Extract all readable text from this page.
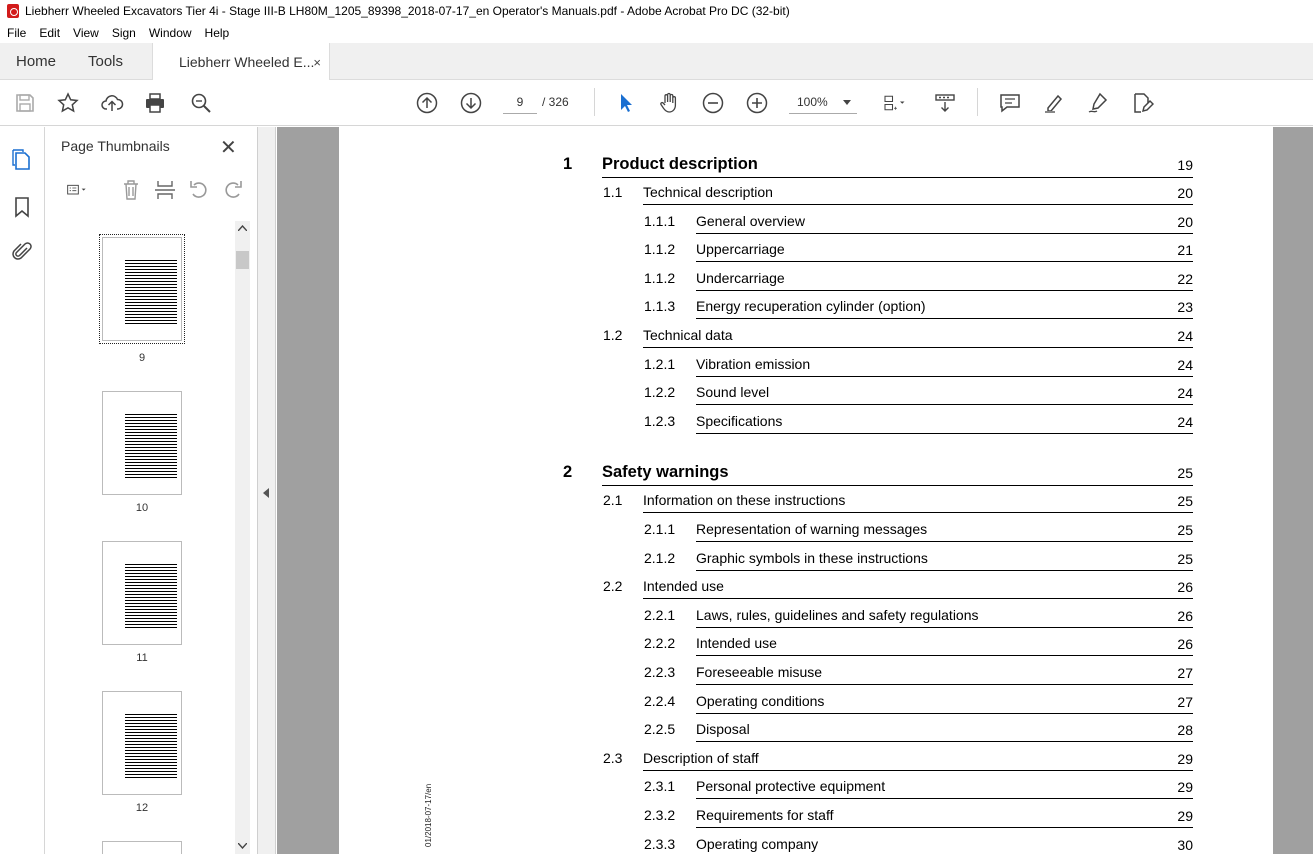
Liebherr Wheeled Excavators Tier 4i - Stage III-B LH80M_1205_89398_2018-07-17_en Operator's Manuals.pdf - Adobe Acrobat Pro DC (32-bit)
File	Edit	View	Sign	Window	Help
Home Tools	Liebherr Wheeled E... ×
9	/ 326	100%
Page Thumbnails	✕
9
10
11
12	01/2018-07-17/en
1 Product description	19
1.1 Technical description	20
1.1.1 General overview	20
1.1.2 Uppercarriage	21
1.1.2 Undercarriage	22
1.1.3 Energy recuperation cylinder (option)	23
1.2 Technical data	24
1.2.1 Vibration emission	24
1.2.2 Sound level	24
1.2.3 Specifications	24
2 Safety warnings	25
2.1 Information on these instructions	25
2.1.1 Representation of warning messages	25
2.1.2 Graphic symbols in these instructions	25
2.2 Intended use	26
2.2.1 Laws, rules, guidelines and safety regulations	26
2.2.2 Intended use	26
2.2.3 Foreseeable misuse	27
2.2.4 Operating conditions	27
2.2.5 Disposal	28
2.3 Description of staff	29
2.3.1 Personal protective equipment	29
2.3.2 Requirements for staff	29
2.3.3 Operating company	30
